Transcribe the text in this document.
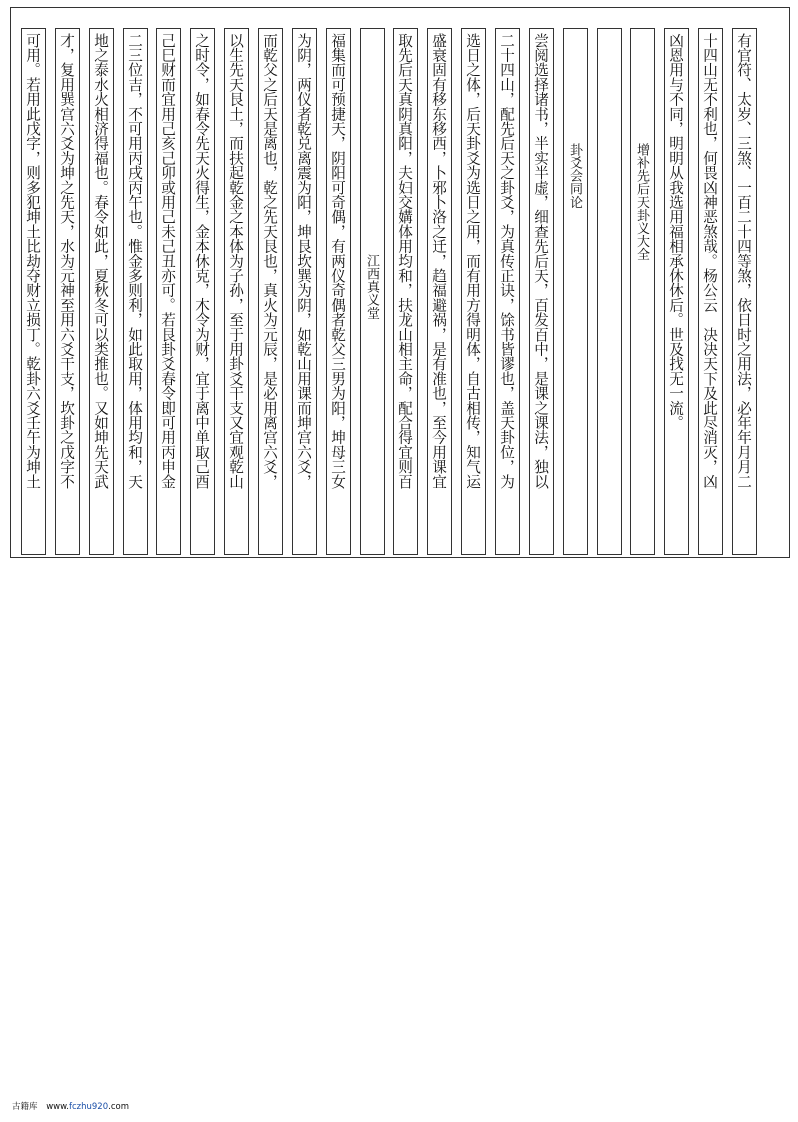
有官符、太岁、三煞、一百二十四等煞，依日时之用法，必年年月月二
十四山无不利也，何畏凶神恶煞哉。杨公云　决决天下及此尽消灭，凶
凶恩用与不同，明明从我选用福相承休休后。世及找无一流。
增补先后天卦义大全
卦爻会同论
尝阅选择诸书，半实半虚，细查先后天，百发百中，是课之课法，独以
二十四山，配先后天之卦爻，为真传正诀，馀书皆谬也，盖天卦位，为
选日之体，后天卦爻为选日之用，而有用方得明体，自古相传，知气运
盛衰固有移东移西，卜邪卜洛之迁，趋福避祸，是有准也，至今用课宜
取先后天真阴真阳，夫妇交媾体用均和，扶龙山相主命，配合得宜则百
江西真义堂
福集而可预捷天，阴阳可奇偶，有两仪奇偶者乾父三男为阳，坤母三女
为阴，两仪者乾兑离震为阳，坤艮坎巽为阴，如乾山用课而坤宫六爻，
而乾父之后天是离也，乾之先天艮也，真火为元辰，是必用离宫六爻，
以生先天艮土，而扶起乾金之本体为子孙，至于用卦爻干支又宜观乾山
之时令，如春令先天火得生，金本休克，木令为财，宜于离中单取己酉
己巳财而宜用己亥己卯或用己未己丑亦可。若艮卦爻春令即可用丙申金
二三位吉，不可用丙戌丙午也。惟金多则利，如此取用，体用均和，天
地之泰水火相济得福也。春令如此，夏秋冬可以类推也。又如坤先天武
才，复用巽宫六爻为坤之先天，水为元神至用六爻干支，坎卦之戊字不
可用。若用此戊字，则多犯坤土比劫夺财立损丁。乾卦六爻壬午为坤土
古籍库 www.fczhu920.com
